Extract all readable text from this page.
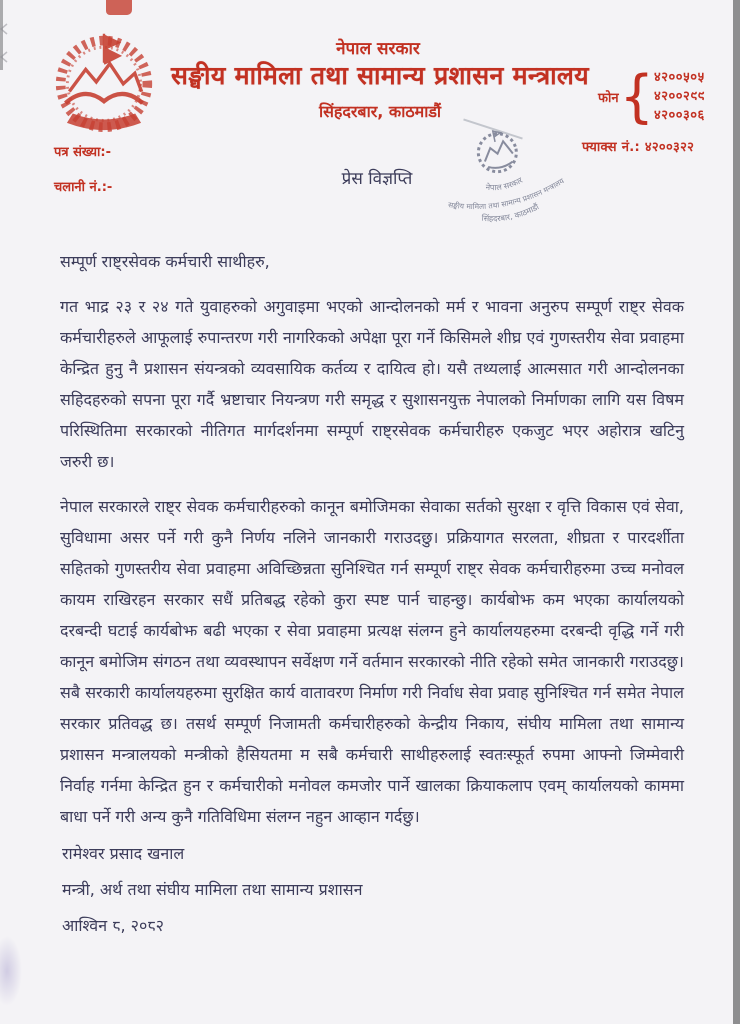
नेपाल सरकार
सङ्घीय मामिला तथा सामान्य प्रशासन मन्त्रालय
सिंहदरबार, काठमाडौं
फोन { ४२००५०५
४२००२९९
४२००३०६
फ्याक्स नं.: ४२००३२२
पत्र संख्या:-
चलानी नं.:-	प्रेस विज्ञप्ति	नेपाल सरकार
सङ्घीय मामिला तथा सामान्य प्रशासन मन्त्रालय
सिंहदरबार, काठमाडौं
सम्पूर्ण राष्ट्रसेवक कर्मचारी साथीहरु,

गत भाद्र २३ र २४ गते युवाहरुको अगुवाइमा भएको आन्दोलनको मर्म र भावना अनुरुप सम्पूर्ण राष्ट्र सेवक कर्मचारीहरुले आफूलाई रुपान्तरण गरी नागरिकको अपेक्षा पूरा गर्ने किसिमले शीघ्र एवं गुणस्तरीय सेवा प्रवाहमा केन्द्रित हुनु नै प्रशासन संयन्त्रको व्यवसायिक कर्तव्य र दायित्व हो। यसै तथ्यलाई आत्मसात गरी आन्दोलनका सहिदहरुको सपना पूरा गर्दै भ्रष्टाचार नियन्त्रण गरी समृद्ध र सुशासनयुक्त नेपालको निर्माणका लागि यस विषम परिस्थितिमा सरकारको नीतिगत मार्गदर्शनमा सम्पूर्ण राष्ट्रसेवक कर्मचारीहरु एकजुट भएर अहोरात्र खटिनु जरुरी छ।

नेपाल सरकारले राष्ट्र सेवक कर्मचारीहरुको कानून बमोजिमका सेवाका सर्तको सुरक्षा र वृत्ति विकास एवं सेवा, सुविधामा असर पर्ने गरी कुनै निर्णय नलिने जानकारी गराउदछु। प्रक्रियागत सरलता, शीघ्रता र पारदर्शीता सहितको गुणस्तरीय सेवा प्रवाहमा अविच्छिन्नता सुनिश्चित गर्न सम्पूर्ण राष्ट्र सेवक कर्मचारीहरुमा उच्च मनोवल कायम राखिरहन सरकार सधैं प्रतिबद्ध रहेको कुरा स्पष्ट पार्न चाहन्छु। कार्यबोझ कम भएका कार्यालयको दरबन्दी घटाई कार्यबोझ बढी भएका र सेवा प्रवाहमा प्रत्यक्ष संलग्न हुने कार्यालयहरुमा दरबन्दी वृद्धि गर्ने गरी कानून बमोजिम संगठन तथा व्यवस्थापन सर्वेक्षण गर्ने वर्तमान सरकारको नीति रहेको समेत जानकारी गराउदछु। सबै सरकारी कार्यालयहरुमा सुरक्षित कार्य वातावरण निर्माण गरी निर्वाध सेवा प्रवाह सुनिश्चित गर्न समेत नेपाल सरकार प्रतिवद्ध छ। तसर्थ सम्पूर्ण निजामती कर्मचारीहरुको केन्द्रीय निकाय, संघीय मामिला तथा सामान्य प्रशासन मन्त्रालयको मन्त्रीको हैसियतमा म सबै कर्मचारी साथीहरुलाई स्वतःस्फूर्त रुपमा आफ्नो जिम्मेवारी निर्वाह गर्नमा केन्द्रित हुन र कर्मचारीको मनोवल कमजोर पार्ने खालका क्रियाकलाप एवम् कार्यालयको काममा बाधा पर्ने गरी अन्य कुनै गतिविधिमा संलग्न नहुन आव्हान गर्दछु।

रामेश्वर प्रसाद खनाल
मन्त्री, अर्थ तथा संघीय मामिला तथा सामान्य प्रशासन
आश्विन ८, २०८२
